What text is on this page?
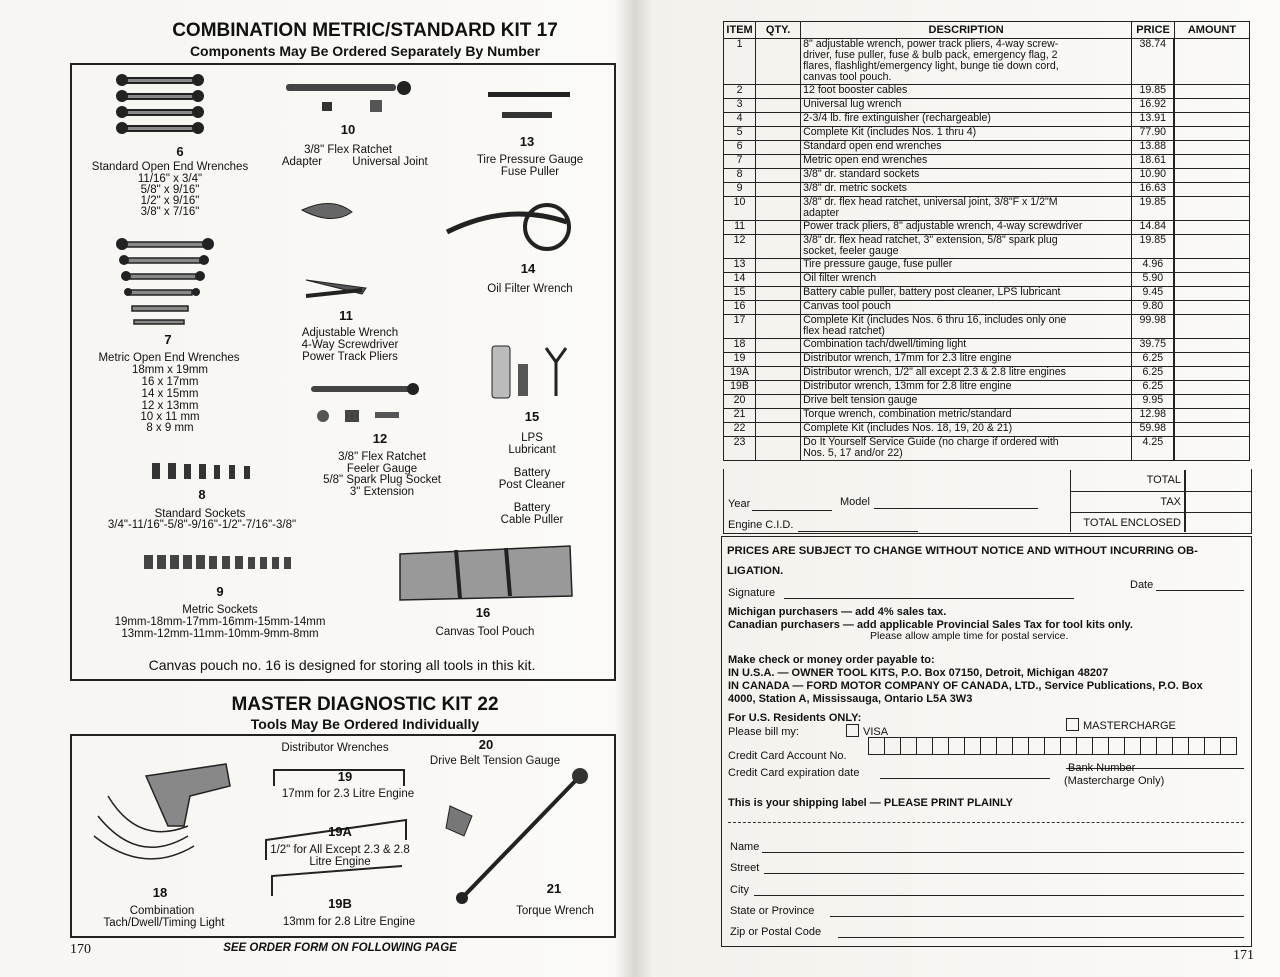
COMBINATION METRIC/STANDARD KIT 17
Components May Be Ordered Separately By Number
6
Standard Open End Wrenches
11/16" x 3/4"
5/8" x 9/16"
1/2" x 9/16"
3/8" x 7/16"
10
3/8" Flex Ratchet
Adapter	Universal Joint
13
Tire Pressure Gauge
Fuse Puller
14
Oil Filter Wrench
11
Adjustable Wrench
4-Way Screwdriver
Power Track Pliers
7
Metric Open End Wrenches
18mm x 19mm
16 x 17mm
14 x 15mm
12 x 13mm
10 x 11 mm
8 x 9 mm
12
3/8" Flex Ratchet
Feeler Gauge
5/8" Spark Plug Socket
3" Extension
15
LPS
Lubricant
Battery
Post Cleaner
Battery
Cable Puller
8
Standard Sockets
3/4"-11/16"-5/8"-9/16"-1/2"-7/16"-3/8"
9
Metric Sockets
19mm-18mm-17mm-16mm-15mm-14mm
13mm-12mm-11mm-10mm-9mm-8mm
16
Canvas Tool Pouch
Canvas pouch no. 16 is designed for storing all tools in this kit.
MASTER DIAGNOSTIC KIT 22
Tools May Be Ordered Individually
Distributor Wrenches
19
17mm for 2.3 Litre Engine
19A
1/2" for All Except 2.3 & 2.8
Litre Engine
19B
13mm for 2.8 Litre Engine
20
Drive Belt Tension Gauge
18
Combination
Tach/Dwell/Timing Light
21
Torque Wrench
170	SEE ORDER FORM ON FOLLOWING PAGE
ITEM	QTY.	DESCRIPTION	PRICE	AMOUNT
1		8" adjustable wrench, power track pliers, 4-way screw-
driver, fuse puller, fuse & bulb pack, emergency flag, 2
flares, flashlight/emergency light, bunge tie down cord,
canvas tool pouch.	38.74	
2		12 foot booster cables	19.85	
3		Universal lug wrench	16.92	
4		2-3/4 lb. fire extinguisher (rechargeable)	13.91	
5		Complete Kit (includes Nos. 1 thru 4)	77.90	
6		Standard open end wrenches	13.88	
7		Metric open end wrenches	18.61	
8		3/8" dr. standard sockets	10.90	
9		3/8" dr. metric sockets	16.63	
10		3/8" dr. flex head ratchet, universal joint, 3/8"F x 1/2"M
adapter	19.85	
11		Power track pliers, 8" adjustable wrench, 4-way screwdriver	14.84	
12		3/8" dr. flex head ratchet, 3" extension, 5/8" spark plug
socket, feeler gauge	19.85	
13		Tire pressure gauge, fuse puller	4.96	
14		Oil filter wrench	5.90	
15		Battery cable puller, battery post cleaner, LPS lubricant	9.45	
16		Canvas tool pouch	9.80	
17		Complete Kit (includes Nos. 6 thru 16, includes only one
flex head ratchet)	99.98	
18		Combination tach/dwell/timing light	39.75	
19		Distributor wrench, 17mm for 2.3 litre engine	6.25	
19A		Distributor wrench, 1/2" all except 2.3 & 2.8 litre engines	6.25	
19B		Distributor wrench, 13mm for 2.8 litre engine	6.25	
20		Drive belt tension gauge	9.95	
21		Torque wrench, combination metric/standard	12.98	
22		Complete Kit (includes Nos. 18, 19, 20 & 21)	59.98	
23		Do It Yourself Service Guide (no charge if ordered with
Nos. 5, 17 and/or 22)	4.25	
TOTAL
TAX
TOTAL ENCLOSED
Year	Model
Engine C.I.D.
PRICES ARE SUBJECT TO CHANGE WITHOUT NOTICE AND WITHOUT INCURRING OB-
LIGATION.
Signature
Date
Michigan purchasers — add 4% sales tax.
Canadian purchasers — add applicable Provincial Sales Tax for tool kits only.
Please allow ample time for postal service.
Make check or money order payable to:
IN U.S.A. — OWNER TOOL KITS, P.O. Box 07150, Detroit, Michigan 48207
IN CANADA — FORD MOTOR COMPANY OF CANADA, LTD., Service Publications, P.O. Box
4000, Station A, Mississauga, Ontario L5A 3W3
For U.S. Residents ONLY:
Please bill my:	VISA	MASTERCHARGE
Credit Card Account No.
Credit Card expiration date	Bank Number
(Mastercharge Only)
This is your shipping label — PLEASE PRINT PLAINLY
Name
Street
City
State or Province
Zip or Postal Code
171
